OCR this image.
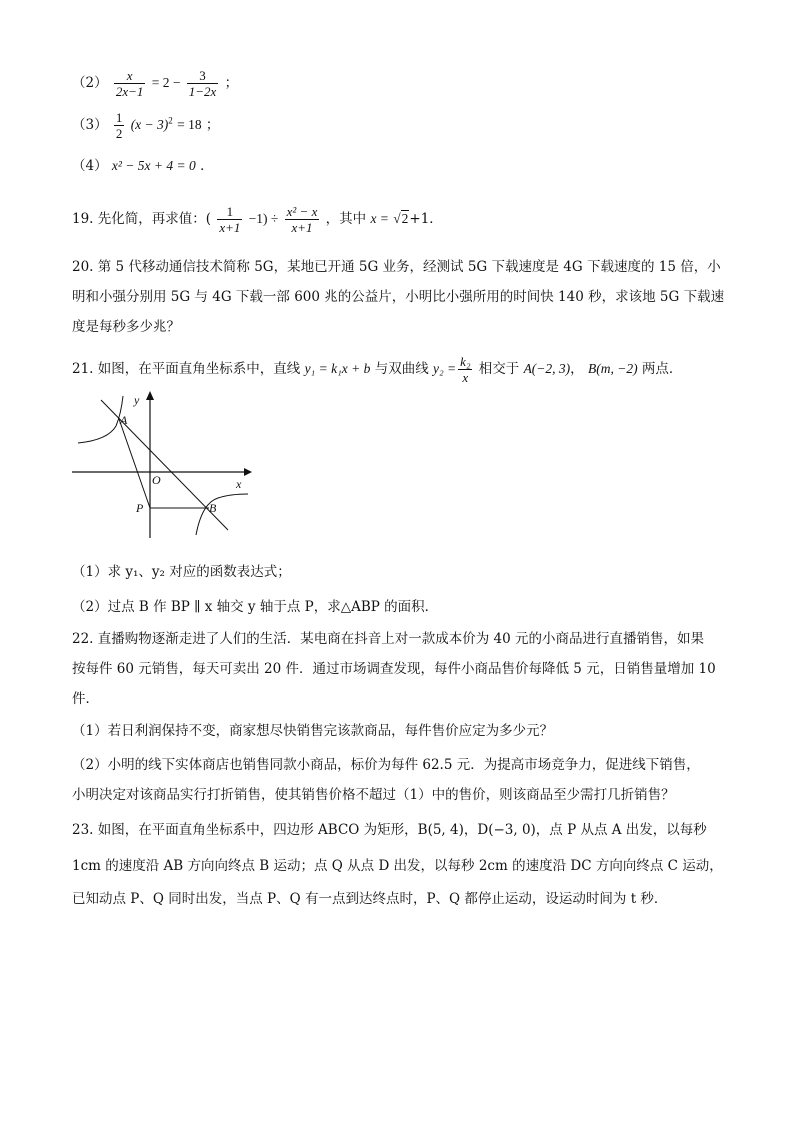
$(2) \frac{x}{2x-1} = 2 - \frac{3}{1-2x}$ ；
$(3) \frac{1}{2} (x - 3)^2 = 18$ ；
（4） x² − 5x + 4 = 0 ．
19. 先化简，再求值：( $\frac{1}{x+1} -1) \div \frac{\text{x² − x}}{x+1}$ ，其中 x = √2+1．
20. 第 5 代移动通信技术简称 5G，某地已开通 5G 业务，经测试 5G 下载速度是 4G 下载速度的 15 倍，小
明和小强分别用 5G 与 4G 下载一部 600 兆的公益片，小明比小强所用的时间快 140 秒，求该地 5G 下载速
度是每秒多少兆？
21. 如图，在平面直角坐标系中，直线 y₁ = k₁x + b 与双曲线 $y_2 = \frac{\text{k₂}}{x}$ 相交于 A(−2, 3)， B(m, −2) 两点．
y
x
O
A
B
P
（1）求 y₁、y₂ 对应的函数表达式；
（2）过点 B 作 BP ∥ x 轴交 y 轴于点 P，求△ABP 的面积．
22. 直播购物逐渐走进了人们的生活．某电商在抖音上对一款成本价为 40 元的小商品进行直播销售，如果
按每件 60 元销售，每天可卖出 20 件．通过市场调查发现，每件小商品售价每降低 5 元，日销售量增加 10
件．
（1）若日利润保持不变，商家想尽快销售完该款商品，每件售价应定为多少元？
（2）小明的线下实体商店也销售同款小商品，标价为每件 62.5 元．为提高市场竞争力，促进线下销售，
小明决定对该商品实行打折销售，使其销售价格不超过（1）中的售价，则该商品至少需打几折销售？
23. 如图，在平面直角坐标系中，四边形 ABCO 为矩形，B(5, 4)，D(−3, 0)，点 P 从点 A 出发，以每秒
1cm 的速度沿 AB 方向向终点 B 运动；点 Q 从点 D 出发，以每秒 2cm 的速度沿 DC 方向向终点 C 运动，
已知动点 P、Q 同时出发，当点 P、Q 有一点到达终点时，P、Q 都停止运动，设运动时间为 t 秒．
